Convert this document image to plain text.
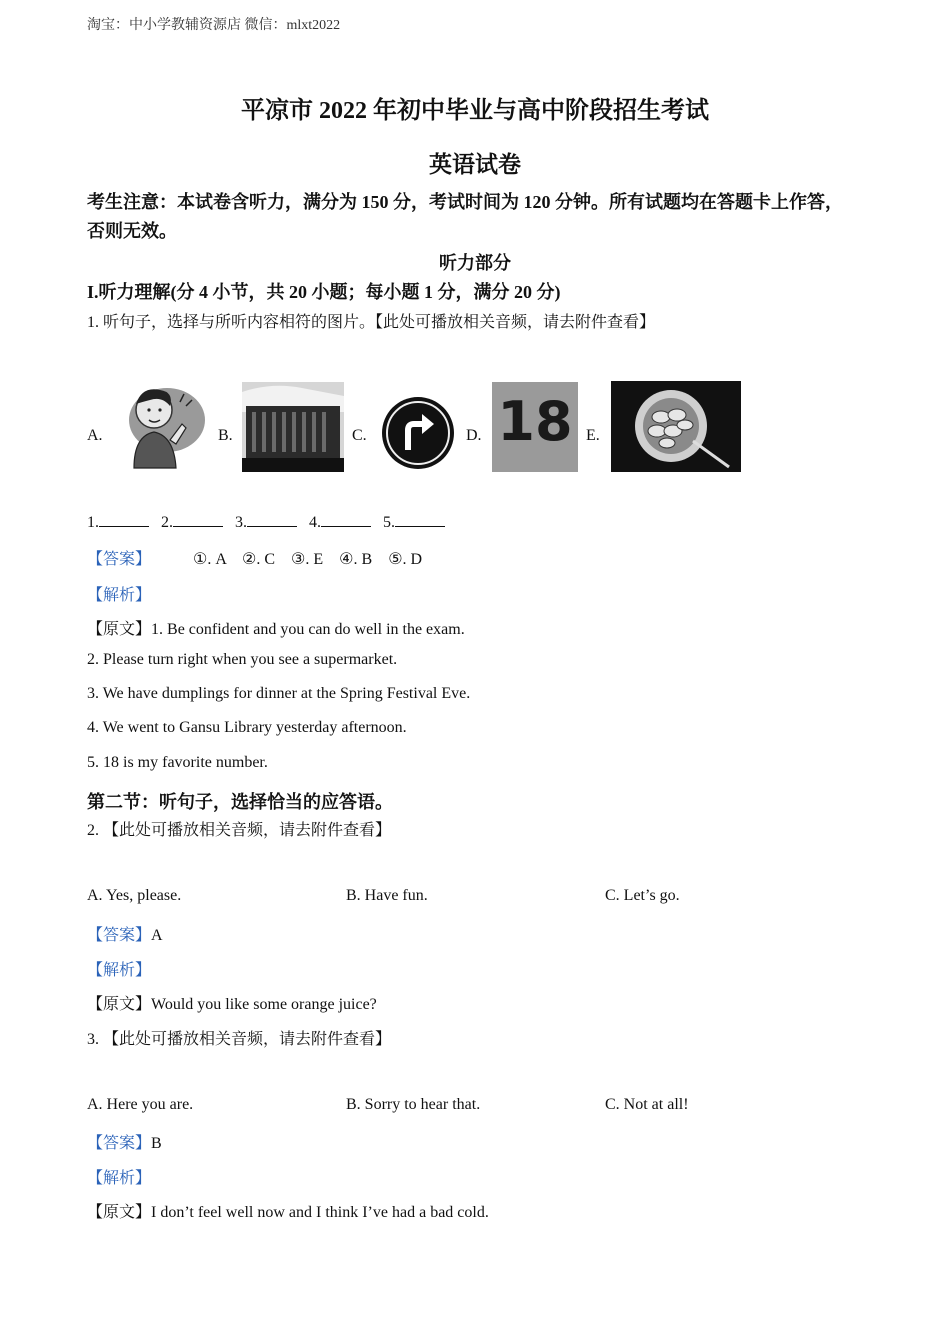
淘宝：中小学教辅资源店 微信：mlxt2022
平凉市 2022 年初中毕业与高中阶段招生考试
英语试卷
考生注意：本试卷含听力，满分为 150 分，考试时间为 120 分钟。所有试题均在答题卡上作答，否则无效。
听力部分
I.听力理解(分 4 小节，共 20 小题；每小题 1 分，满分 20 分)
1. 听句子，选择与所听内容相符的图片。【此处可播放相关音频，请去附件查看】
A.	B.	C.	D. 18 E.
1.	2.	3.	4.	5.
【答案】	①. A ②. C ③. E ④. B ⑤. D
【解析】
【原文】1. Be confident and you can do well in the exam.
2. Please turn right when you see a supermarket.
3. We have dumplings for dinner at the Spring Festival Eve.
4. We went to Gansu Library yesterday afternoon.
5. 18 is my favorite number.
第二节：听句子，选择恰当的应答语。
2. 【此处可播放相关音频，请去附件查看】
A. Yes, please.	B. Have fun.	C. Let’s go.
【答案】A
【解析】
【原文】Would you like some orange juice?
3. 【此处可播放相关音频，请去附件查看】
A. Here you are.	B. Sorry to hear that.	C. Not at all!
【答案】B
【解析】
【原文】I don’t feel well now and I think I’ve had a bad cold.
